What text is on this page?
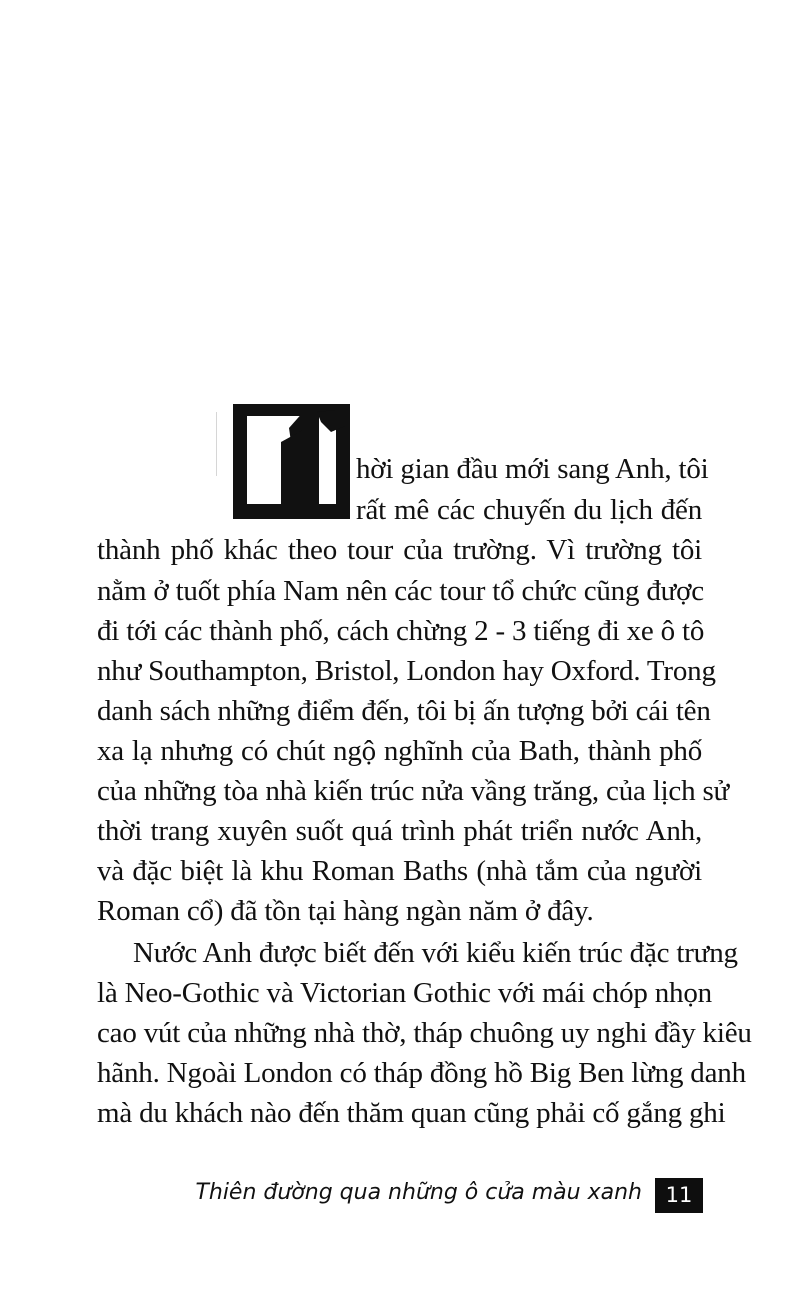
hời gian đầu mới sang Anh, tôi
rất mê các chuyến du lịch đến
thành phố khác theo tour của trường. Vì trường tôi
nằm ở tuốt phía Nam nên các tour tổ chức cũng được
đi tới các thành phố, cách chừng 2 - 3 tiếng đi xe ô tô
như Southampton, Bristol, London hay Oxford. Trong
danh sách những điểm đến, tôi bị ấn tượng bởi cái tên
xa lạ nhưng có chút ngộ nghĩnh của Bath, thành phố
của những tòa nhà kiến trúc nửa vầng trăng, của lịch sử
thời trang xuyên suốt quá trình phát triển nước Anh,
và đặc biệt là khu Roman Baths (nhà tắm của người
Roman cổ) đã tồn tại hàng ngàn năm ở đây.
Nước Anh được biết đến với kiểu kiến trúc đặc trưng
là Neo-Gothic và Victorian Gothic với mái chóp nhọn
cao vút của những nhà thờ, tháp chuông uy nghi đầy kiêu
hãnh. Ngoài London có tháp đồng hồ Big Ben lừng danh
mà du khách nào đến thăm quan cũng phải cố gắng ghi
Thiên đường qua những ô cửa màu xanh	11
